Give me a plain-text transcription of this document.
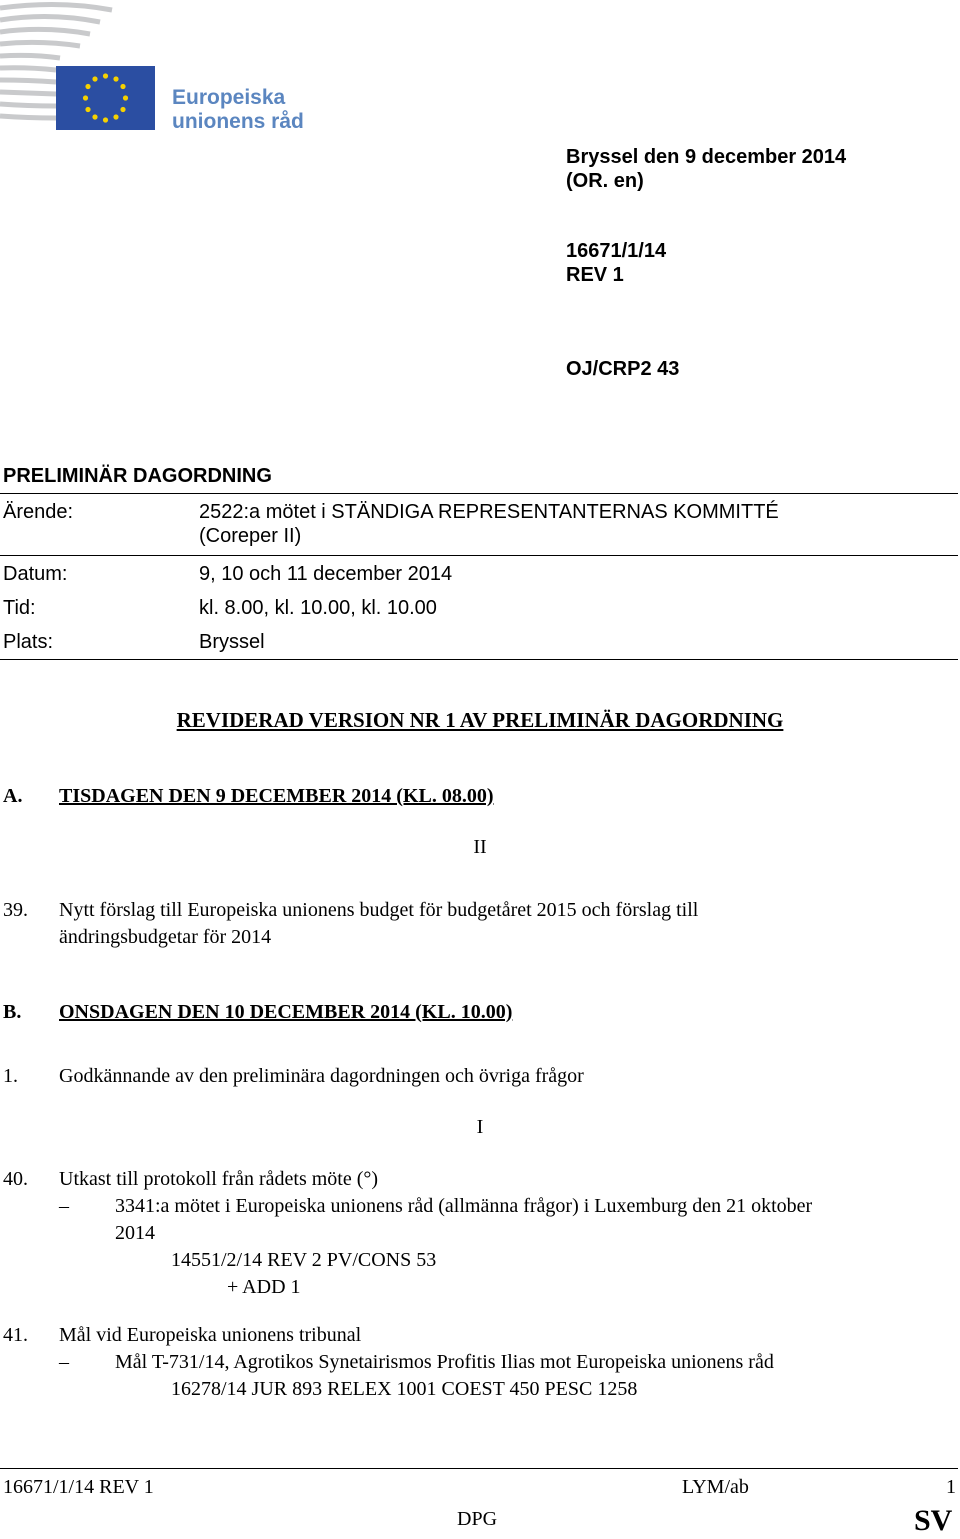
Europeiska
unionens råd
Bryssel den 9 december 2014
(OR. en)
16671/1/14
REV 1
OJ/CRP2 43
PRELIMINÄR DAGORDNING
Ärende:	2522:a mötet i STÄNDIGA REPRESENTANTERNAS KOMMITTÉ
(Coreper II)
Datum:	9, 10 och 11 december 2014
Tid:	kl. 8.00, kl. 10.00, kl. 10.00
Plats:	Bryssel
REVIDERAD VERSION NR 1 AV PRELIMINÄR DAGORDNING
A. TISDAGEN DEN 9 DECEMBER 2014 (KL. 08.00)
II
39. Nytt förslag till Europeiska unionens budget för budgetåret 2015 och förslag till
ändringsbudgetar för 2014
B. ONSDAGEN DEN 10 DECEMBER 2014 (KL. 10.00)
1. Godkännande av den preliminära dagordningen och övriga frågor
I
40. Utkast till protokoll från rådets möte (°)
– 3341:a mötet i Europeiska unionens råd (allmänna frågor) i Luxemburg den 21 oktober
2014
14551/2/14 REV 2 PV/CONS 53
+ ADD 1
41. Mål vid Europeiska unionens tribunal
– Mål T-731/14, Agrotikos Synetairismos Profitis Ilias mot Europeiska unionens råd
16278/14 JUR 893 RELEX 1001 COEST 450 PESC 1258
16671/1/14 REV 1	LYM/ab	1
DPG	SV
